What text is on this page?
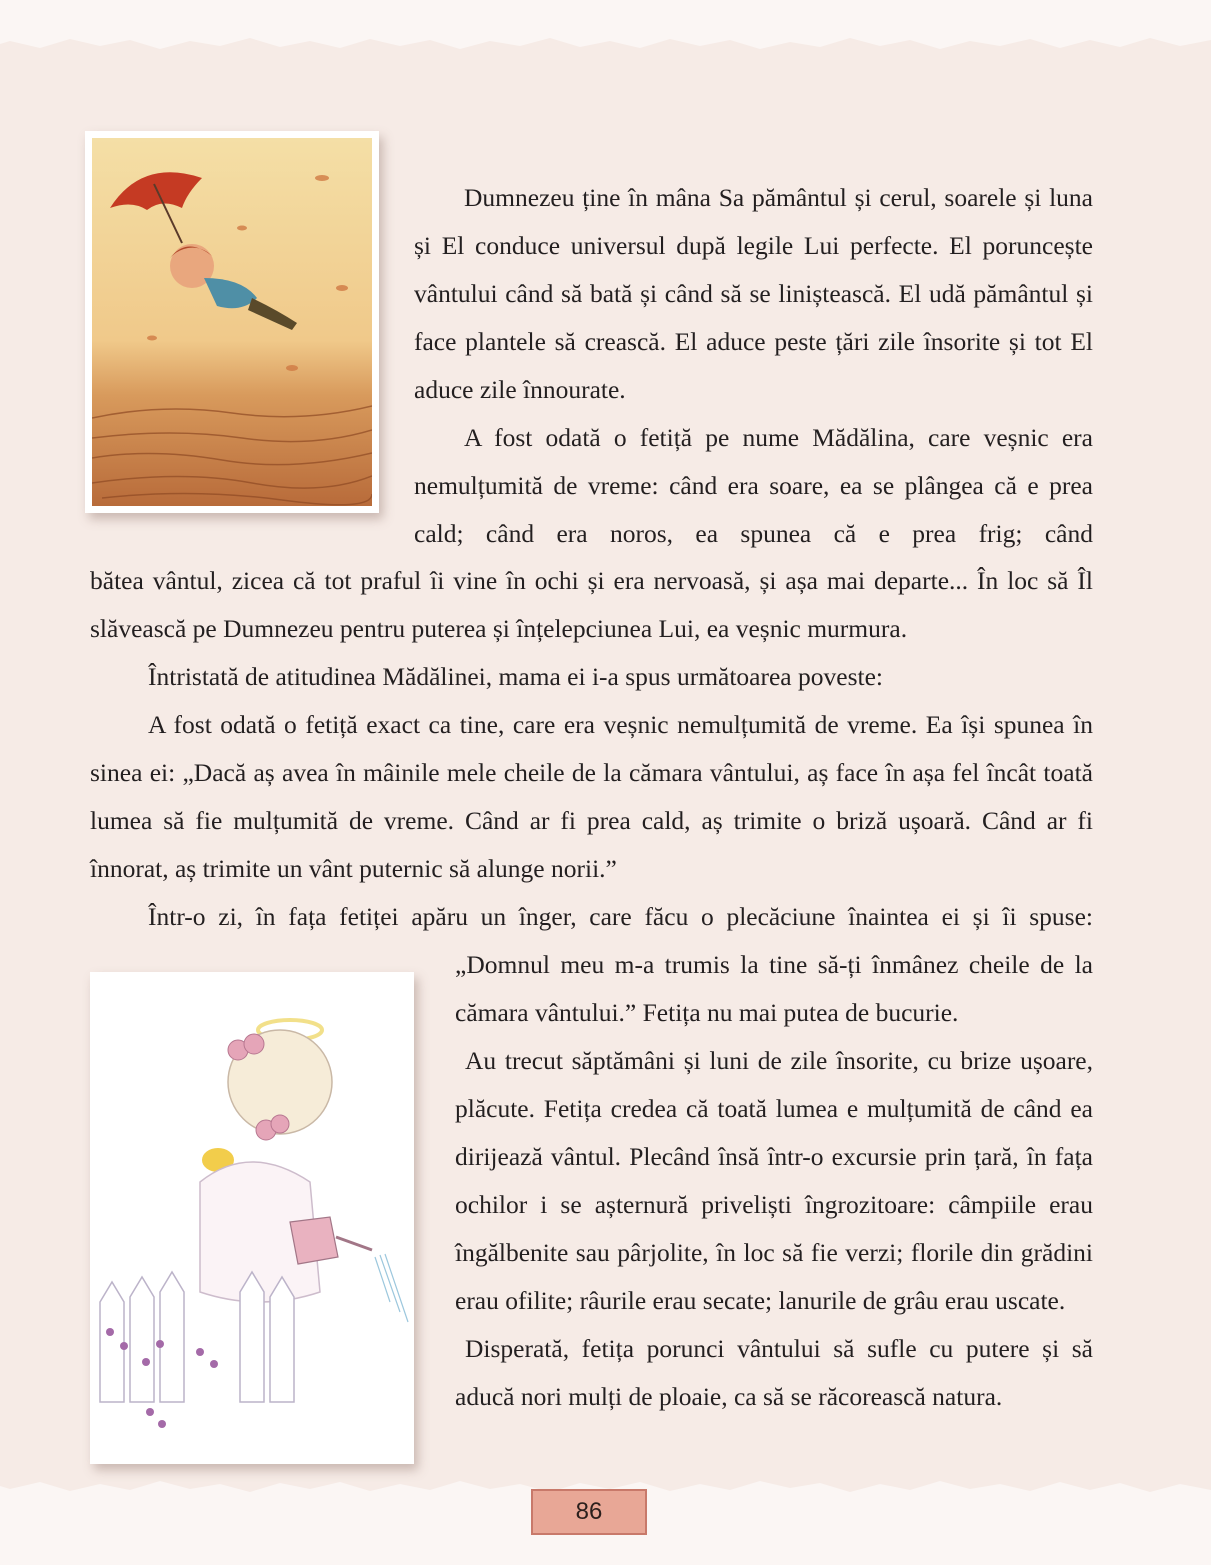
Dumnezeu ține în mâna Sa pământul și cerul, soarele și luna și El conduce universul după legile Lui perfecte. El poruncește vântului când să bată și când să se liniștească. El udă pământul și face plantele să crească. El aduce peste țări zile însorite și tot El aduce zile înnourate.

A fost odată o fetiță pe nume Mădălina, care veșnic era nemulțumită de vreme: când era soare, ea se plângea că e prea cald; când era noros, ea spunea că e prea frig; când

bătea vântul, zicea că tot praful îi vine în ochi și era nervoasă, și așa mai departe... În loc să Îl slăvească pe Dumnezeu pentru puterea și înțelepciunea Lui, ea veșnic murmura.

Întristată de atitudinea Mădălinei, mama ei i-a spus următoarea poveste:

A fost odată o fetiță exact ca tine, care era veșnic nemulțumită de vreme. Ea își spunea în sinea ei: „Dacă aș avea în mâinile mele cheile de la cămara vântului, aș face în așa fel încât toată lumea să fie mulțumită de vreme. Când ar fi prea cald, aș trimite o briză ușoară. Când ar fi înnorat, aș trimite un vânt puternic să alunge norii.”

Într-o zi, în fața fetiței apăru un înger, care făcu o plecăciune înaintea ei și îi spuse:

„Domnul meu m-a trumis la tine să-ți înmânez cheile de la cămara vântului.” Fetița nu mai putea de bucurie.

Au trecut săptămâni și luni de zile însorite, cu brize ușoare, plăcute. Fetița credea că toată lumea e mulțumită de când ea dirijează vântul. Plecând însă într-o excursie prin țară, în fața ochilor i se așternură priveliști îngrozitoare: câmpiile erau îngălbenite sau pârjolite, în loc să fie verzi; florile din grădini erau ofilite; râurile erau secate; lanurile de grâu erau uscate.

Disperată, fetița porunci vântului să sufle cu putere și să aducă nori mulți de ploaie, ca să se răcorească natura.

86
